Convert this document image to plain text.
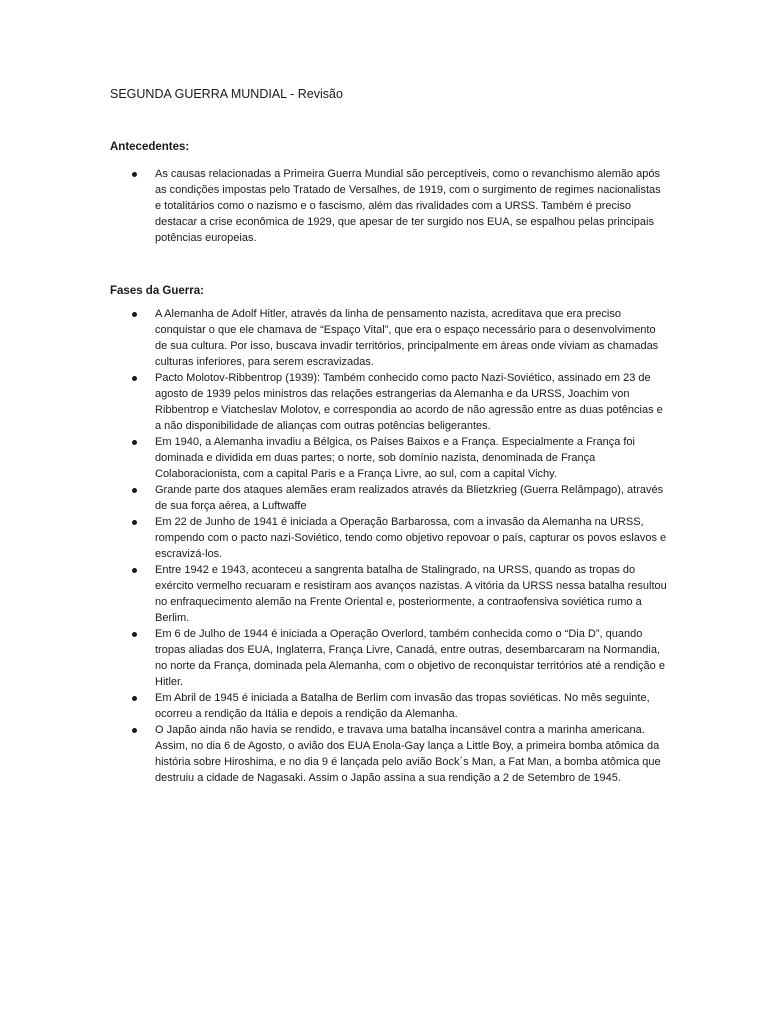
SEGUNDA GUERRA MUNDIAL - Revisão
Antecedentes:
As causas relacionadas a Primeira Guerra Mundial são perceptíveis, como o revanchismo alemão após as condições impostas pelo Tratado de Versalhes, de 1919, com o surgimento de regimes nacionalistas e totalitários como o nazismo e o fascismo, além das rivalidades com a URSS. Também é preciso destacar a crise econômica de 1929, que apesar de ter surgido nos EUA, se espalhou pelas principais potências europeias.
Fases da Guerra:
A Alemanha de Adolf Hitler, através da linha de pensamento nazista, acreditava que era preciso conquistar o que ele chamava de “Espaço Vital”, que era o espaço necessário para o desenvolvimento de sua cultura. Por isso, buscava invadir territórios, principalmente em áreas onde viviam as chamadas culturas inferiores, para serem escravizadas.
Pacto Molotov-Ribbentrop (1939): Também conhecido como pacto Nazi-Soviético, assinado em 23 de agosto de 1939 pelos ministros das relações estrangerias da Alemanha e da URSS, Joachim von Ribbentrop e Viatcheslav Molotov, e correspondia ao acordo de não agressão entre as duas potências e a não disponibilidade de alianças com outras potências beligerantes.
Em 1940, a Alemanha invadiu a Bélgica, os Países Baixos e a França. Especialmente a França foi dominada e dividida em duas partes; o norte, sob domínio nazista, denominada de França Colaboracionista, com a capital Paris e a França Livre, ao sul, com a capital Vichy.
Grande parte dos ataques alemães eram realizados através da Blietzkrieg (Guerra Relâmpago), através de sua força aérea, a Luftwaffe
Em 22 de Junho de 1941 é iniciada a Operação Barbarossa, com a invasão da Alemanha na URSS, rompendo com o pacto nazi-Soviético, tendo como objetivo repovoar o país, capturar os povos eslavos e escravizá-los.
Entre 1942 e 1943, aconteceu a sangrenta batalha de Stalingrado, na URSS, quando as tropas do exército vermelho recuaram e resistiram aos avanços nazistas. A vitória da URSS nessa batalha resultou no enfraquecimento alemão na Frente Oriental e, posteriormente, a contraofensiva soviética rumo a Berlim.
Em 6 de Julho de 1944 é iniciada a Operação Overlord, também conhecida como o “Dia D”, quando tropas aliadas dos EUA, Inglaterra, França Livre, Canadá, entre outras, desembarcaram na Normandia, no norte da França, dominada pela Alemanha, com o objetivo de reconquistar territórios até a rendição e Hitler.
Em Abril de 1945 é iniciada a Batalha de Berlim com invasão das tropas soviéticas. No mês seguinte, ocorreu a rendição da Itália e depois a rendição da Alemanha.
O Japão ainda não havia se rendido, e travava uma batalha incansável contra a marinha americana. Assim, no dia 6 de Agosto, o avião dos EUA Enola-Gay lança a Little Boy, a primeira bomba atômica da história sobre Hiroshima, e no dia 9 é lançada pelo avião Bock´s Man, a Fat Man, a bomba atômica que destruiu a cidade de Nagasaki. Assim o Japão assina a sua rendição a 2 de Setembro de 1945.
